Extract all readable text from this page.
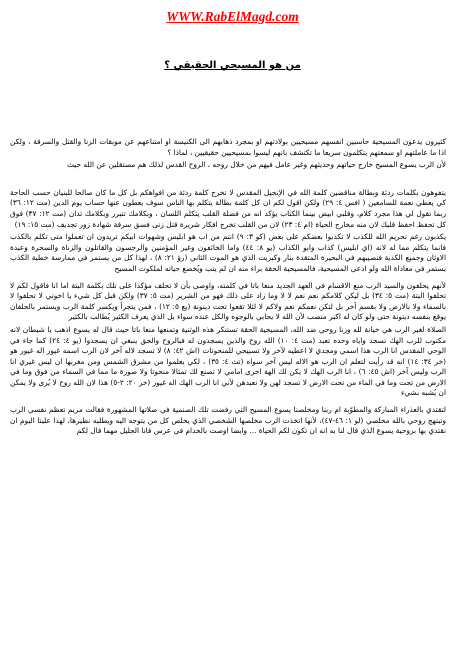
WWW.RabElMagd.com
من هو المسيحي الحقيقي ؟

كثيرون يدعون المسيحية حاسبين انفسهم مسيحيين بولادتهم او بمجرد ذهابهم الى الكنيسة او امتناعهم عن موبقات الزنا والقتل والسرقة ، ولكن اذا ما عاملتهم او سمعتهم يتكلمون سريعا ما تكتشف بانهم ليسوا بمسيحيين حقيقيين ، لماذا ؟

لأن الرب يسوع المسيح خارج حياتهم وحديثهم وغير عامل فيهم من خلال روحه ، الروح القدس لذلك هم مستقلين عن الله حيث

يتفوهون بكلمات ردئة وبطالة مناقضين كلمة الله في الإنجيل المقدس لا تخرج كلمة ردئة من افواهكم بل كل ما كان صالحا للبنيان حسب الحاجة كي يعطي نعمة للسامعين ( افس ٤: ٢٩) ولكن اقول لكم ان كل كلمة بطالة يتكلم بها الناس سوف يعطون عنها حساب يوم الدين (مت ١٢: ٣٦) ربما تقول لي هذا مجرد كلام، وقلبي ابيض بينما الكتاب يؤكد انه من فضلة القلب يتكلم اللسان ، وبكلامك تتبرر وبكلامك تدان (مت ١٢: ٣٧) فوق كل تحفظ احفظ قلبك لان منه مخارج الحياة (ام ٤: ٢٣) لان من القلب تخرج افكار شريرة قتل زنى فسق سرقة شهادة زور تجديف (مت ١٥: ١٩)

يكذبون رغم تحريم الله للكذب لا تكذبوا بعضكم على بعض (كو ٣: ٩) انتم من اب هو ابليس وشهوات ابيكم تريدون ان تعملوا متى تكلم بالكذب فانما يتكلم مما له لانه (اي ابليس) كذاب وابو الكذاب (يو ٨: ٤٤) واما الخائفون وغير المؤمنين والرجسون والقاتلون والزناة والسحرة وعبدة الاوثان وجميع الكذبة فنصيبهم في البحيرة المتقدة بنار وكبريت الذي هو الموت الثاني (رؤ ٢١: ٨) ، لهذا كل من يستمر في ممارسة خطية الكذب يستمر في معاداة الله ولو ادعى المسيحية، فالمسيحية الحقة براء منه ان لم يتب ويُخضع حياته لملكوت المسيح

لأنهم يحلفون والسيد الرب منع الاقسام في العهد الجديد منعا باتا في كلمته، واوصى بأن لا تحلف مؤكدا على تلك بكلمة البتة اما انا فاقول لكم لا تحلفوا البتة (مت ٥: ٣٤) بل ليكن كلامكم نعم نعم لا لا وما زاد على ذلك فهو من الشرير (مت ٥: ٣٧) ولكن قبل كل شيء يا اخوتي لا تحلفوا لا بالسماء ولا بالارض ولا بقسم آخر بل لتكن نعمكم نعم ولاكم لا لئلا تقعوا تحت دينونة (يع ٥: ١٢) ، فمن يتجرأ ويكسر كلمة الرب ويستمر بالحلفان يوقع بنفسه دينونة حتى ولو كان له اكبر منصب لأن الله لا يحابي بالوجوه والكل عنده سواء بل الذي يعرف الكثير يُطالب بالكثير

الصلاة لغير الرب هي خيانة لله وزنا روحي ضد الله، المسيحية الحقة تستنكر هذه الوثنية وتمنعها منعا باتا حيث قال له يسوع اذهب يا شيطان لانه مكتوب للرب الهك تسجد واياه وحده تعبد (مت ٤: ١٠) الله روح والذين يسجدون له فبالروح والحق ينبغي ان يسجدوا (يو ٤: ٢٤) كما جاء في الوحي المقدس انا الرب هذا اسمي ومجدي لا اعطيه لآخر ولا تسبيحي للمنحوتات (اش ٤٢: ٨) لا تسجد لاله آخر لان الرب اسمه غيور اله غيور هو (خر ٣٤: ١٤) انه قد رأيت لتعلم ان الرب هو الاله ليس آخر سواه (تث ٤: ٣٥) ، لكي يعلموا من مشرق الشمس ومن مغربها ان ليس غيري انا الرب وليس آخر (اش ٤٥: ٦) ، انا الرب الهك لا يكن لك الهة اخرى امامي لا تصنع لك تمثالا منحوتا ولا صورة ما مما في السماء من فوق وما في الارض من تحت وما في الماء من تحت الارض لا تسجد لهن ولا تعبدهن لأني انا الرب الهك اله غيور (خر ٢٠: ٢-٥) هذا لان الله روح لا يُرى ولا يمكن ان يُشبه بشيء

لتقتدي بالعذراء المباركة والمطوّبة ام ربنا ومخلصنا يسوع المسيح التي رفضت تلك الصنمية في صلاتها المشهورة فقالت مريم تعظم نفسي الرب وتبتهج روحي بالله مخلصي (لو ١: ٤٦-٤٧)، لأنها اتخذت الرب مخلصها الشخصي الذي يخلص كل من يتوجه اليه ويطلبه نظيرها، لهذا علينا اليوم ان نقتدي بها بروحية يسوع الذي قال لنا به انه ان تكون لكم الحياة ... وايضا اوصت بالخدام في عرس قانا الجليل مهما قال لكم
